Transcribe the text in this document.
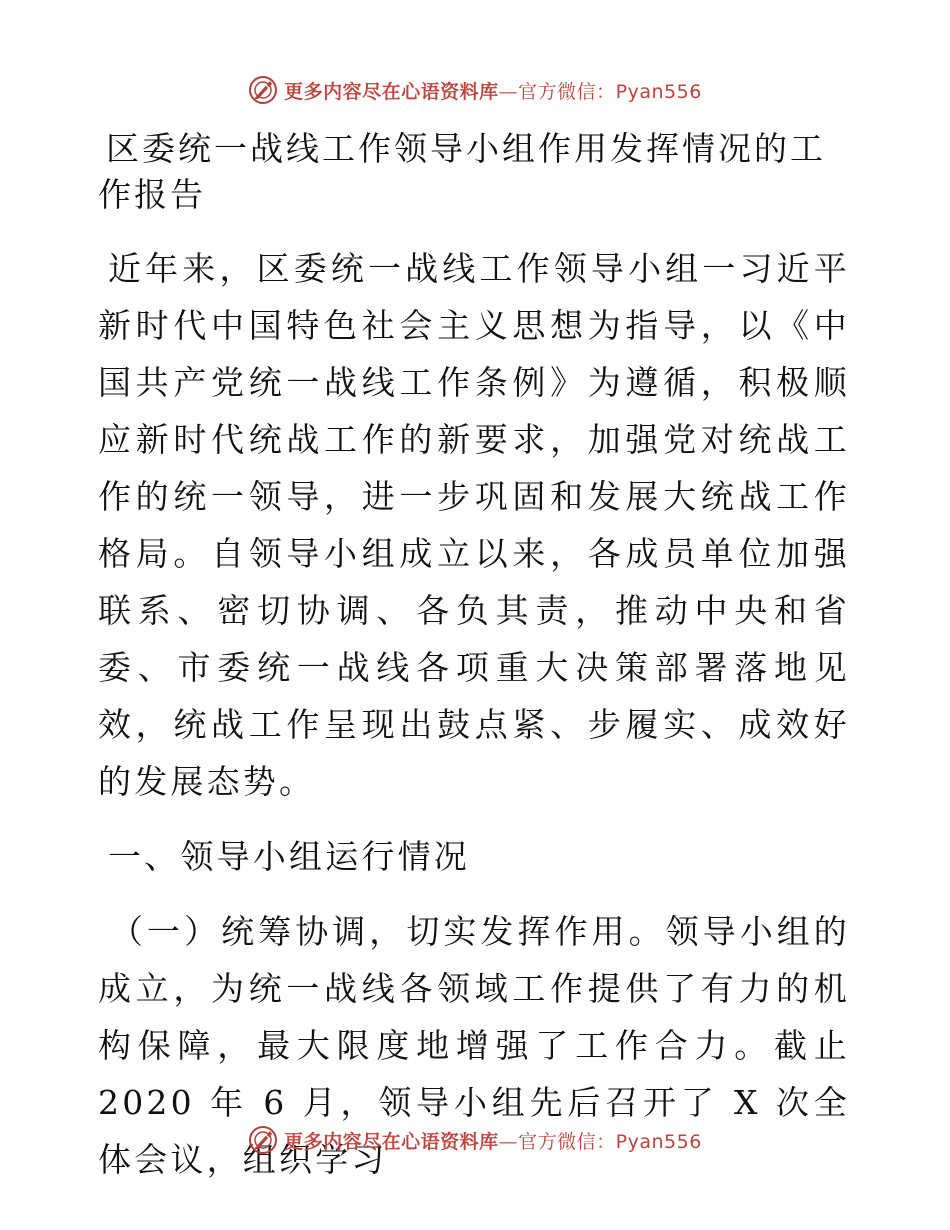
更多内容尽在心语资料库—官方微信：Pyan556

区委统一战线工作领导小组作用发挥情况的工作报告

近年来，区委统一战线工作领导小组一习近平新时代中国特色社会主义思想为指导，以《中国共产党统一战线工作条例》为遵循，积极顺应新时代统战工作的新要求，加强党对统战工作的统一领导，进一步巩固和发展大统战工作格局。自领导小组成立以来，各成员单位加强联系、密切协调、各负其责，推动中央和省委、市委统一战线各项重大决策部署落地见效，统战工作呈现出鼓点紧、步履实、成效好的发展态势。

一、领导小组运行情况

（一）统筹协调，切实发挥作用。领导小组的成立，为统一战线各领域工作提供了有力的机构保障，最大限度地增强了工作合力。截止 2020 年 6 月，领导小组先后召开了 X 次全体会议，组织学习

更多内容尽在心语资料库—官方微信：Pyan556
